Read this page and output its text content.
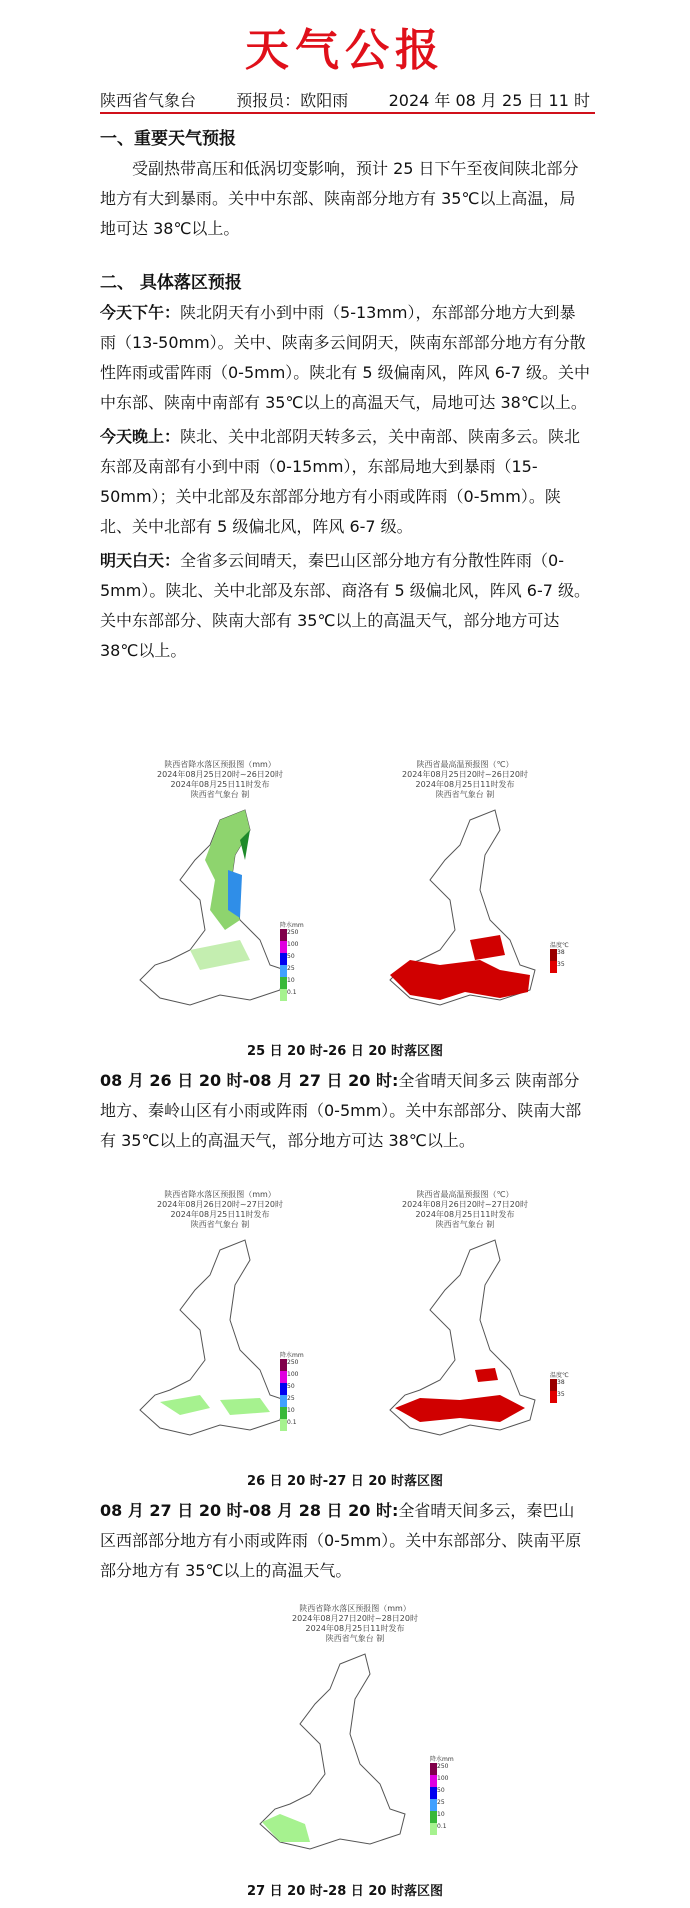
天气公报
陕西省气象台	预报员：欧阳雨	2024 年 08 月 25 日 11 时
一、重要天气预报
受副热带高压和低涡切变影响，预计 25 日下午至夜间陕北部分地方有大到暴雨。关中中东部、陕南部分地方有 35℃以上高温，局地可达 38℃以上。
二、 具体落区预报
今天下午：陕北阴天有小到中雨（5-13mm），东部部分地方大到暴雨（13-50mm）。关中、陕南多云间阴天，陕南东部部分地方有分散性阵雨或雷阵雨（0-5mm）。陕北有 5 级偏南风，阵风 6-7 级。关中中东部、陕南中南部有 35℃以上的高温天气，局地可达 38℃以上。
今天晚上：陕北、关中北部阴天转多云，关中南部、陕南多云。陕北东部及南部有小到中雨（0-15mm），东部局地大到暴雨（15-50mm）；关中北部及东部部分地方有小雨或阵雨（0-5mm）。陕北、关中北部有 5 级偏北风，阵风 6-7 级。
明天白天：全省多云间晴天，秦巴山区部分地方有分散性阵雨（0-5mm）。陕北、关中北部及东部、商洛有 5 级偏北风，阵风 6-7 级。关中东部部分、陕南大部有 35℃以上的高温天气，部分地方可达 38℃以上。
陕西省降水落区预报图（mm）
2024年08月25日20时~26日20时
2024年08月25日11时发布
陕西省气象台 制
降水mm
250
100
50
25
10
0.1
陕西省最高温预报图（℃）
2024年08月25日20时~26日20时
2024年08月25日11时发布
陕西省气象台 制
温度℃
38
35
25 日 20 时-26 日 20 时落区图
08 月 26 日 20 时-08 月 27 日 20 时:全省晴天间多云 陕南部分地方、秦岭山区有小雨或阵雨（0-5mm）。关中东部部分、陕南大部有 35℃以上的高温天气，部分地方可达 38℃以上。
陕西省降水落区预报图（mm）
2024年08月26日20时~27日20时
2024年08月25日11时发布
陕西省气象台 制
降水mm
250
100
50
25
10
0.1
陕西省最高温预报图（℃）
2024年08月26日20时~27日20时
2024年08月25日11时发布
陕西省气象台 制
温度℃
38
35
26 日 20 时-27 日 20 时落区图
08 月 27 日 20 时-08 月 28 日 20 时:全省晴天间多云，秦巴山区西部部分地方有小雨或阵雨（0-5mm）。关中东部部分、陕南平原部分地方有 35℃以上的高温天气。
陕西省降水落区预报图（mm）
2024年08月27日20时~28日20时
2024年08月25日11时发布
陕西省气象台 制
降水mm
250
100
50
25
10
0.1
27 日 20 时-28 日 20 时落区图
